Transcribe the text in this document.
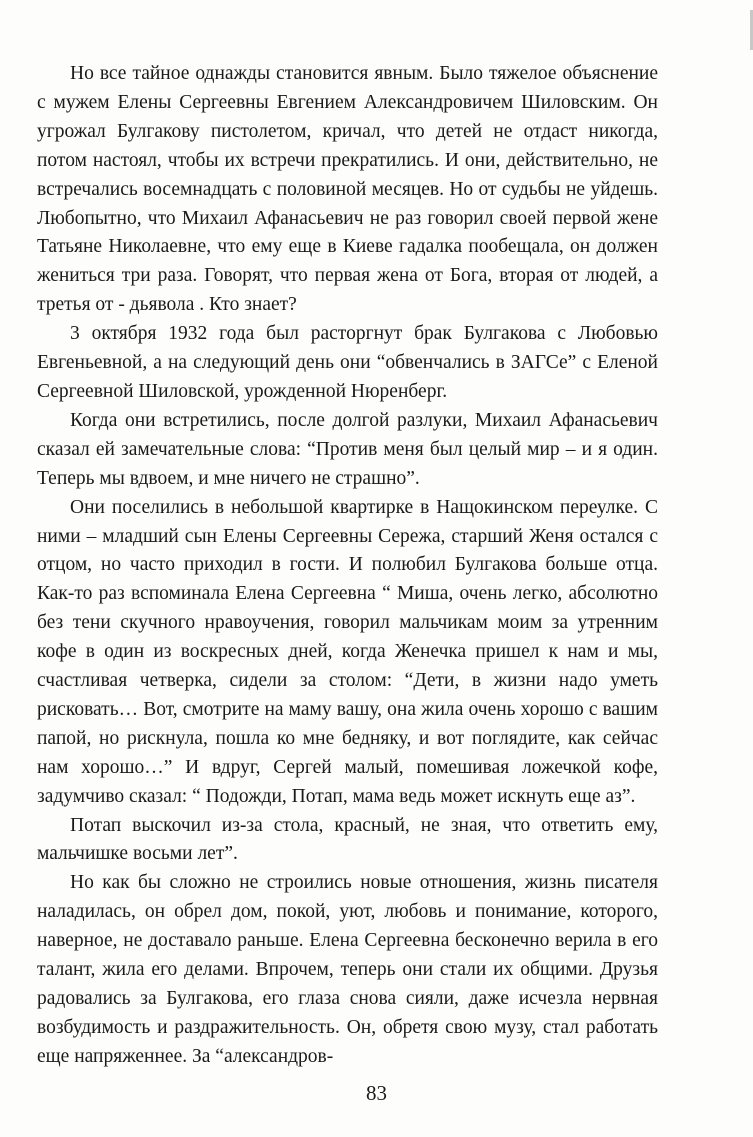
Но все тайное однажды становится явным. Было тяжелое объяснение с мужем Елены Сергеевны Евгением Александровичем Шиловским. Он угрожал Булгакову пистолетом, кричал, что детей не отдаст никогда, потом настоял, чтобы их встречи прекратились. И они, действительно, не встречались восемнадцать с половиной месяцев. Но от судьбы не уйдешь. Любопытно, что Михаил Афанасьевич не раз говорил своей первой жене Татьяне Николаевне, что ему еще в Киеве гадалка пообещала, он должен жениться три раза. Говорят, что первая жена от Бога, вторая от людей, а третья от - дьявола . Кто знает?

3 октября 1932 года был расторгнут брак Булгакова с Любовью Евгеньевной, а на следующий день они “обвенчались в ЗАГСе” с Еленой Сергеевной Шиловской, урожденной Нюренберг.

Когда они встретились, после долгой разлуки, Михаил Афанасьевич сказал ей замечательные слова: “Против меня был целый мир – и я один. Теперь мы вдвоем, и мне ничего не страшно”.

Они поселились в небольшой квартирке в Нащокинском переулке. С ними – младший сын Елены Сергеевны Сережа, старший Женя остался с отцом, но часто приходил в гости. И полюбил Булгакова больше отца. Как-то раз вспоминала Елена Сергеевна “ Миша, очень легко, абсолютно без тени скучного нравоучения, говорил мальчикам моим за утренним кофе в один из воскресных дней, когда Женечка пришел к нам и мы, счастливая четверка, сидели за столом: “Дети, в жизни надо уметь рисковать… Вот, смотрите на маму вашу, она жила очень хорошо с вашим папой, но рискнула, пошла ко мне бедняку, и вот поглядите, как сейчас нам хорошо…” И вдруг, Сергей малый, помешивая ложечкой кофе, задумчиво сказал: “ Подожди, Потап, мама ведь может искнуть еще аз”.

Потап выскочил из-за стола, красный, не зная, что ответить ему, мальчишке восьми лет”.

Но как бы сложно не строились новые отношения, жизнь писателя наладилась, он обрел дом, покой, уют, любовь и понимание, которого, наверное, не доставало раньше. Елена Сергеевна бесконечно верила в его талант, жила его делами. Впрочем, теперь они стали их общими. Друзья радовались за Булгакова, его глаза снова сияли, даже исчезла нервная возбудимость и раздражительность. Он, обретя свою музу, стал работать еще напряженнее. За “александров-

83
